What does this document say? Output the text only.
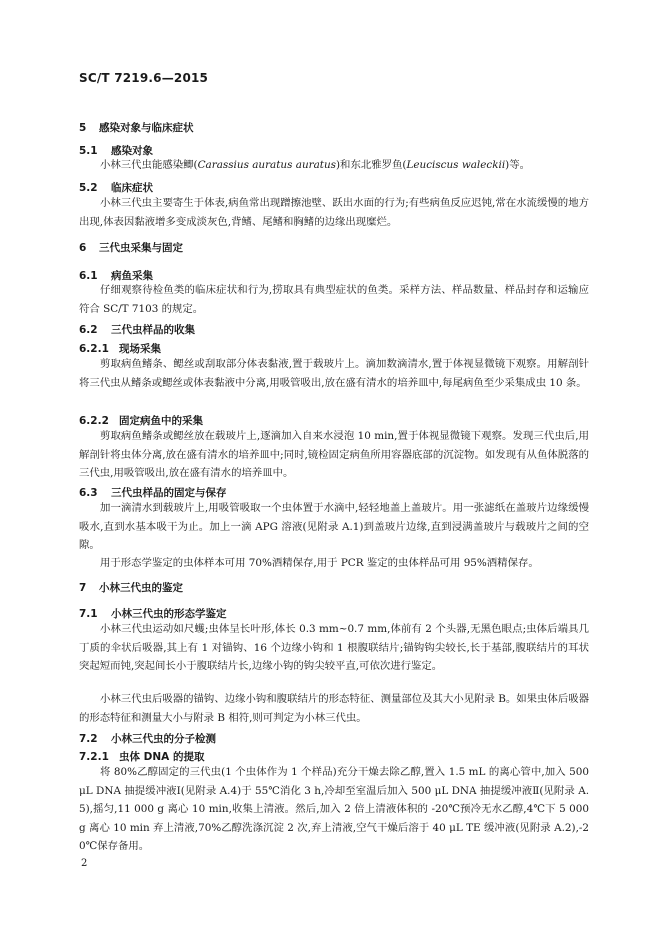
SC/T 7219.6—2015
5 感染对象与临床症状
5.1 感染对象
小林三代虫能感染鲫(Carassius auratus auratus)和东北雅罗鱼(Leuciscus waleckii)等。
5.2 临床症状
小林三代虫主要寄生于体表,病鱼常出现蹭擦池壁、跃出水面的行为;有些病鱼反应迟钝,常在水流缓慢的地方出现,体表因黏液增多变成淡灰色,背鳍、尾鳍和胸鳍的边缘出现糜烂。
6 三代虫采集与固定
6.1 病鱼采集
仔细观察待检鱼类的临床症状和行为,捞取具有典型症状的鱼类。采样方法、样品数量、样品封存和运输应符合 SC/T 7103 的规定。
6.2 三代虫样品的收集
6.2.1 现场采集
剪取病鱼鳍条、鳃丝或刮取部分体表黏液,置于载玻片上。滴加数滴清水,置于体视显微镜下观察。用解剖针将三代虫从鳍条或鳃丝或体表黏液中分离,用吸管吸出,放在盛有清水的培养皿中,每尾病鱼至少采集成虫 10 条。
6.2.2 固定病鱼中的采集
剪取病鱼鳍条或鳃丝放在载玻片上,逐滴加入自来水浸泡 10 min,置于体视显微镜下观察。发现三代虫后,用解剖针将虫体分离,放在盛有清水的培养皿中;同时,镜检固定病鱼所用容器底部的沉淀物。如发现有从鱼体脱落的三代虫,用吸管吸出,放在盛有清水的培养皿中。
6.3 三代虫样品的固定与保存
加一滴清水到载玻片上,用吸管吸取一个虫体置于水滴中,轻轻地盖上盖玻片。用一张滤纸在盖玻片边缘缓慢吸水,直到水基本吸干为止。加上一滴 APG 溶液(见附录 A.1)到盖玻片边缘,直到浸满盖玻片与载玻片之间的空隙。
用于形态学鉴定的虫体样本可用 70%酒精保存,用于 PCR 鉴定的虫体样品可用 95%酒精保存。
7 小林三代虫的鉴定
7.1 小林三代虫的形态学鉴定
小林三代虫运动如尺蠖;虫体呈长叶形,体长 0.3 mm~0.7 mm,体前有 2 个头器,无黑色眼点;虫体后端具几丁质的伞状后吸器,其上有 1 对锚钩、16 个边缘小钩和 1 根腹联结片;锚钩钩尖较长,长于基部,腹联结片的耳状突起短而钝,突起间长小于腹联结片长,边缘小钩的钩尖较平直,可依次进行鉴定。
小林三代虫后吸器的锚钩、边缘小钩和腹联结片的形态特征、测量部位及其大小见附录 B。如果虫体后吸器的形态特征和测量大小与附录 B 相符,则可判定为小林三代虫。
7.2 小林三代虫的分子检测
7.2.1 虫体 DNA 的提取
将 80%乙醇固定的三代虫(1 个虫体作为 1 个样品)充分干燥去除乙醇,置入 1.5 mL 的离心管中,加入 500 μL DNA 抽提缓冲液Ⅰ(见附录 A.4)于 55℃消化 3 h,冷却至室温后加入 500 μL DNA 抽提缓冲液Ⅱ(见附录 A.5),摇匀,11 000 g 离心 10 min,收集上清液。然后,加入 2 倍上清液体积的 -20℃预冷无水乙醇,4℃下 5 000 g 离心 10 min 弃上清液,70%乙醇洗涤沉淀 2 次,弃上清液,空气干燥后溶于 40 μL TE 缓冲液(见附录 A.2),-20℃保存备用。
2
